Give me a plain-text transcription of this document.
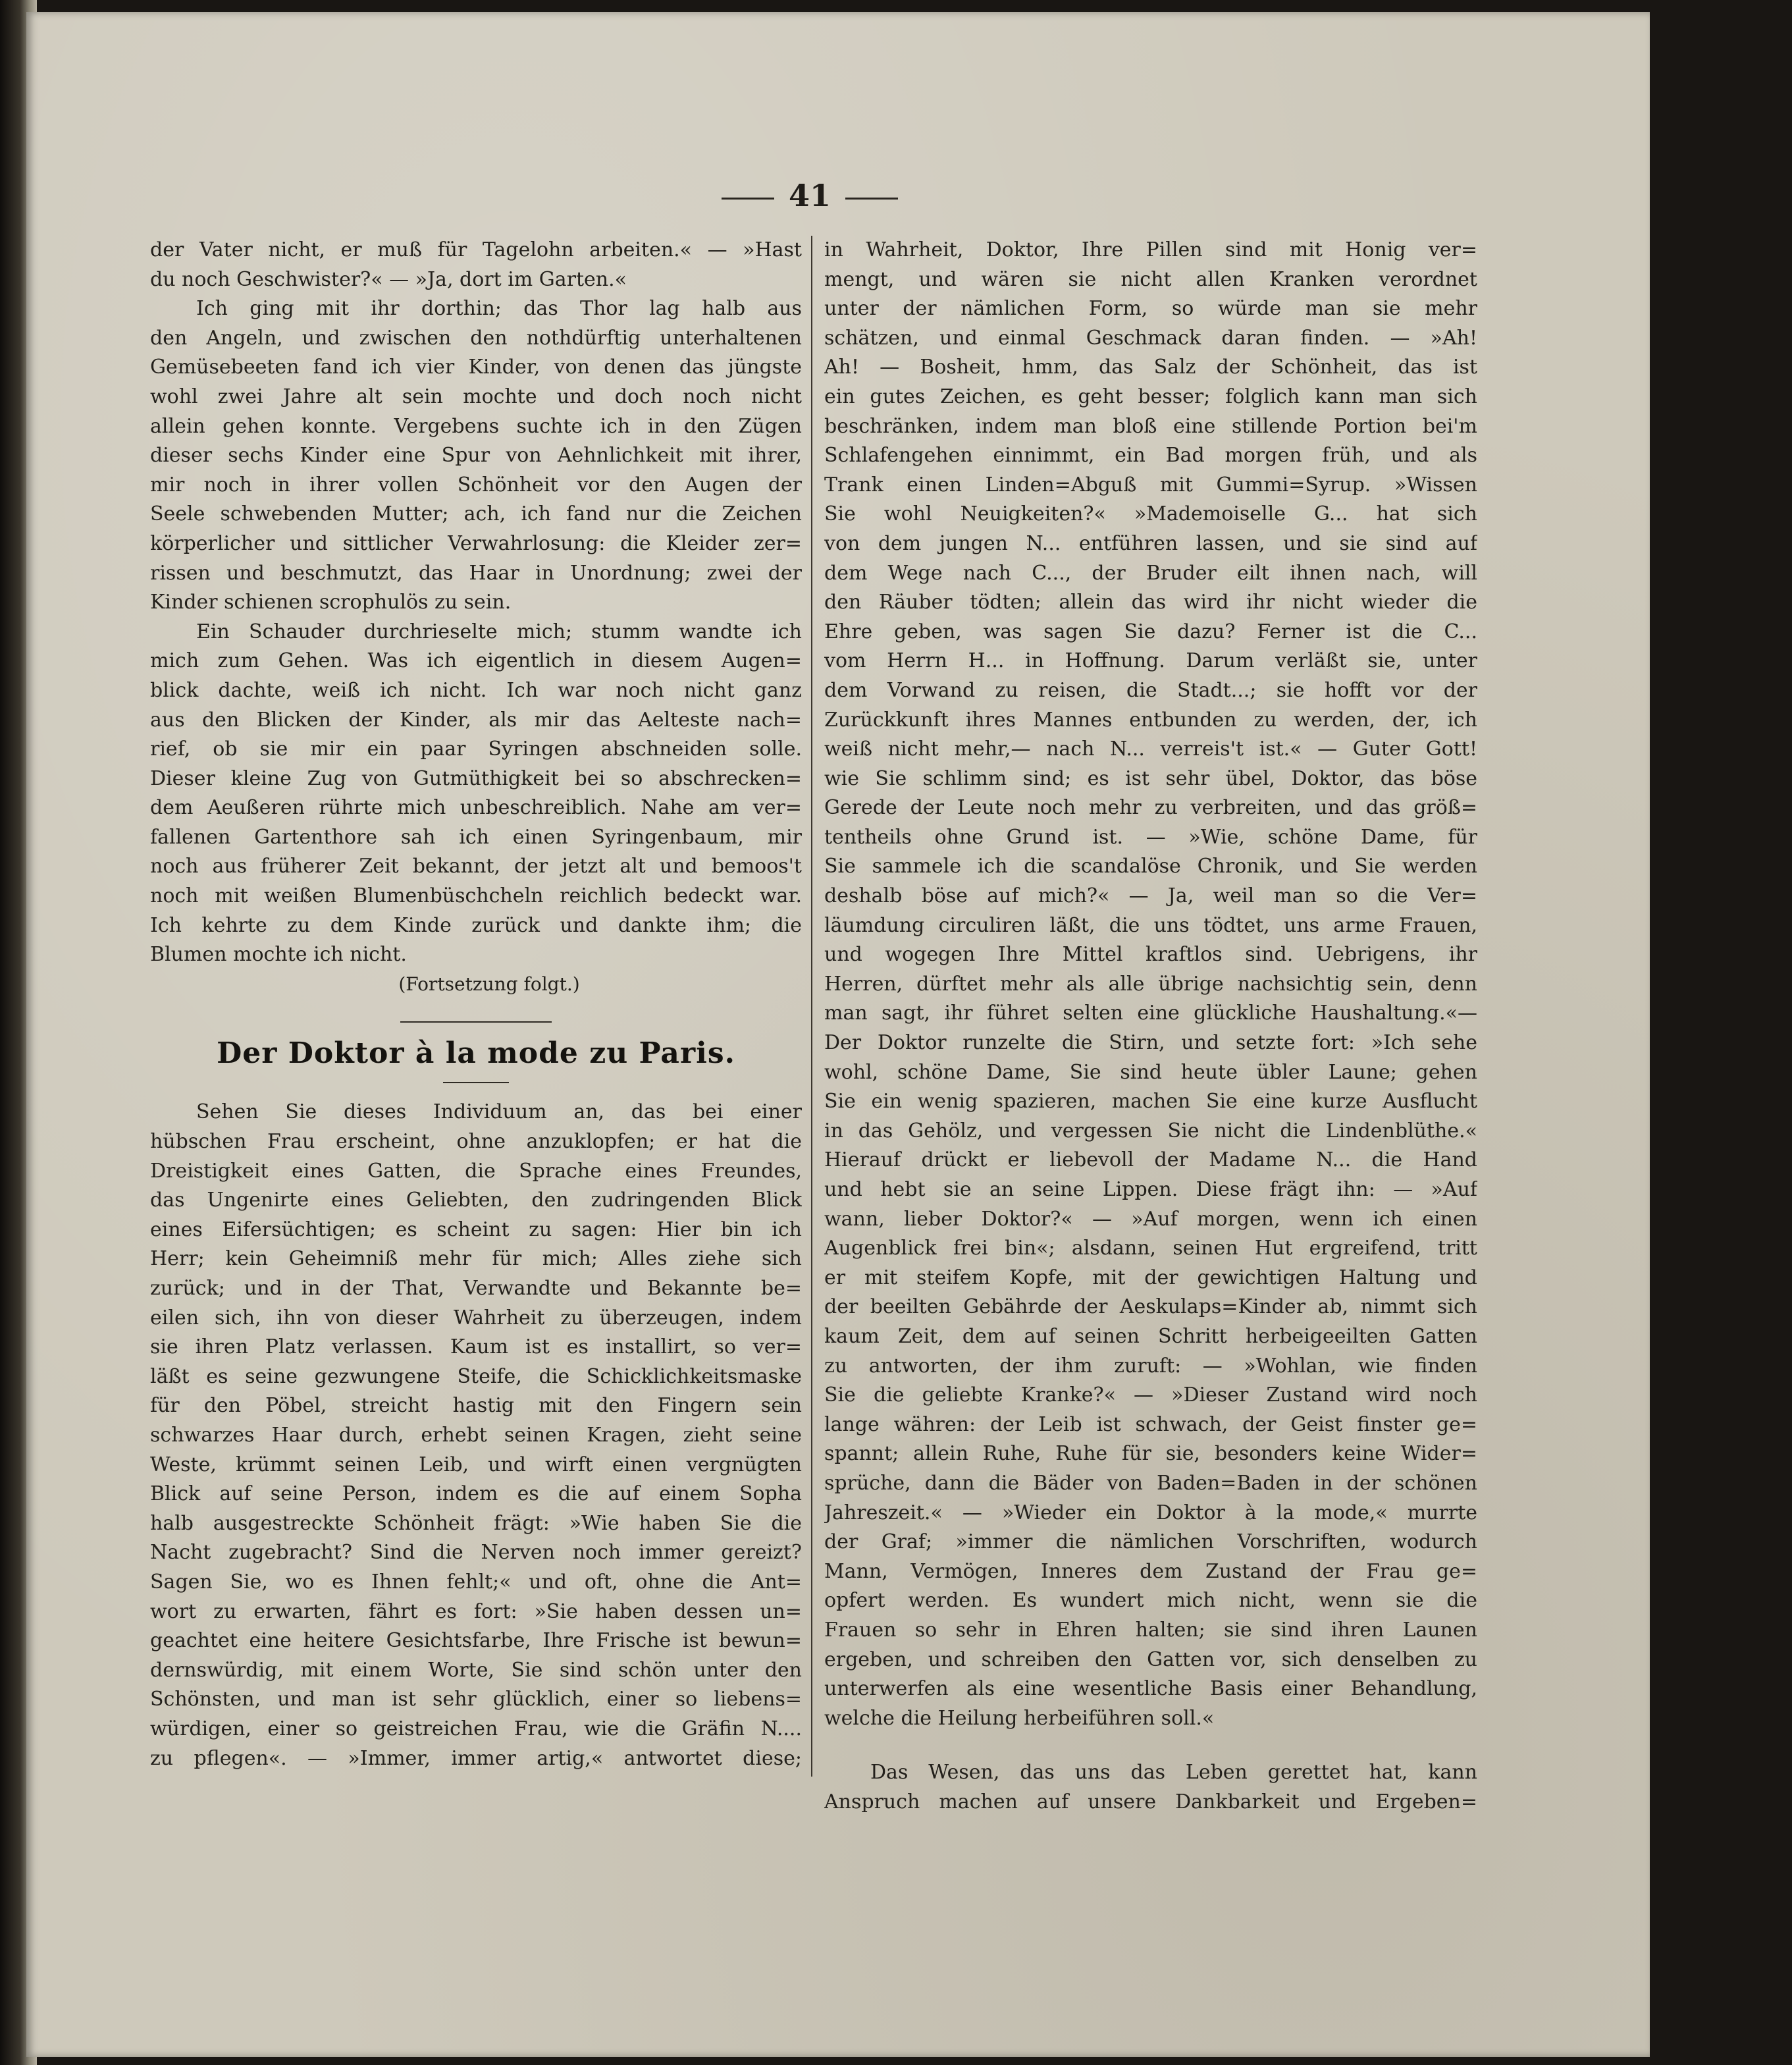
41
der Vater nicht, er muß für Tagelohn arbeiten.« — »Hast
du noch Geschwister?« — »Ja, dort im Garten.«
Ich ging mit ihr dorthin; das Thor lag halb aus
den Angeln, und zwischen den nothdürftig unterhaltenen
Gemüsebeeten fand ich vier Kinder, von denen das jüngste
wohl zwei Jahre alt sein mochte und doch noch nicht
allein gehen konnte. Vergebens suchte ich in den Zügen
dieser sechs Kinder eine Spur von Aehnlichkeit mit ihrer,
mir noch in ihrer vollen Schönheit vor den Augen der
Seele schwebenden Mutter; ach, ich fand nur die Zeichen
körperlicher und sittlicher Verwahrlosung: die Kleider zer=
rissen und beschmutzt, das Haar in Unordnung; zwei der
Kinder schienen scrophulös zu sein.
Ein Schauder durchrieselte mich; stumm wandte ich
mich zum Gehen. Was ich eigentlich in diesem Augen=
blick dachte, weiß ich nicht. Ich war noch nicht ganz
aus den Blicken der Kinder, als mir das Aelteste nach=
rief, ob sie mir ein paar Syringen abschneiden solle.
Dieser kleine Zug von Gutmüthigkeit bei so abschrecken=
dem Aeußeren rührte mich unbeschreiblich. Nahe am ver=
fallenen Gartenthore sah ich einen Syringenbaum, mir
noch aus früherer Zeit bekannt, der jetzt alt und bemoos't
noch mit weißen Blumenbüschcheln reichlich bedeckt war.
Ich kehrte zu dem Kinde zurück und dankte ihm; die
Blumen mochte ich nicht.
(Fortsetzung folgt.)
Der Doktor à la mode zu Paris.
Sehen Sie dieses Individuum an, das bei einer
hübschen Frau erscheint, ohne anzuklopfen; er hat die
Dreistigkeit eines Gatten, die Sprache eines Freundes,
das Ungenirte eines Geliebten, den zudringenden Blick
eines Eifersüchtigen; es scheint zu sagen: Hier bin ich
Herr; kein Geheimniß mehr für mich; Alles ziehe sich
zurück; und in der That, Verwandte und Bekannte be=
eilen sich, ihn von dieser Wahrheit zu überzeugen, indem
sie ihren Platz verlassen. Kaum ist es installirt, so ver=
läßt es seine gezwungene Steife, die Schicklichkeitsmaske
für den Pöbel, streicht hastig mit den Fingern sein
schwarzes Haar durch, erhebt seinen Kragen, zieht seine
Weste, krümmt seinen Leib, und wirft einen vergnügten
Blick auf seine Person, indem es die auf einem Sopha
halb ausgestreckte Schönheit frägt: »Wie haben Sie die
Nacht zugebracht? Sind die Nerven noch immer gereizt?
Sagen Sie, wo es Ihnen fehlt;« und oft, ohne die Ant=
wort zu erwarten, fährt es fort: »Sie haben dessen un=
geachtet eine heitere Gesichtsfarbe, Ihre Frische ist bewun=
dernswürdig, mit einem Worte, Sie sind schön unter den
Schönsten, und man ist sehr glücklich, einer so liebens=
würdigen, einer so geistreichen Frau, wie die Gräfin N....
zu pflegen«. — »Immer, immer artig,« antwortet diese;
in Wahrheit, Doktor, Ihre Pillen sind mit Honig ver=
mengt, und wären sie nicht allen Kranken verordnet
unter der nämlichen Form, so würde man sie mehr
schätzen, und einmal Geschmack daran finden. — »Ah!
Ah! — Bosheit, hmm, das Salz der Schönheit, das ist
ein gutes Zeichen, es geht besser; folglich kann man sich
beschränken, indem man bloß eine stillende Portion bei'm
Schlafengehen einnimmt, ein Bad morgen früh, und als
Trank einen Linden=Abguß mit Gummi=Syrup. »Wissen
Sie wohl Neuigkeiten?« »Mademoiselle G... hat sich
von dem jungen N... entführen lassen, und sie sind auf
dem Wege nach C..., der Bruder eilt ihnen nach, will
den Räuber tödten; allein das wird ihr nicht wieder die
Ehre geben, was sagen Sie dazu? Ferner ist die C...
vom Herrn H... in Hoffnung. Darum verläßt sie, unter
dem Vorwand zu reisen, die Stadt...; sie hofft vor der
Zurückkunft ihres Mannes entbunden zu werden, der, ich
weiß nicht mehr,— nach N... verreis't ist.« — Guter Gott!
wie Sie schlimm sind; es ist sehr übel, Doktor, das böse
Gerede der Leute noch mehr zu verbreiten, und das größ=
tentheils ohne Grund ist. — »Wie, schöne Dame, für
Sie sammele ich die scandalöse Chronik, und Sie werden
deshalb böse auf mich?« — Ja, weil man so die Ver=
läumdung circuliren läßt, die uns tödtet, uns arme Frauen,
und wogegen Ihre Mittel kraftlos sind. Uebrigens, ihr
Herren, dürftet mehr als alle übrige nachsichtig sein, denn
man sagt, ihr führet selten eine glückliche Haushaltung.«—
Der Doktor runzelte die Stirn, und setzte fort: »Ich sehe
wohl, schöne Dame, Sie sind heute übler Laune; gehen
Sie ein wenig spazieren, machen Sie eine kurze Ausflucht
in das Gehölz, und vergessen Sie nicht die Lindenblüthe.«
Hierauf drückt er liebevoll der Madame N... die Hand
und hebt sie an seine Lippen. Diese frägt ihn: — »Auf
wann, lieber Doktor?« — »Auf morgen, wenn ich einen
Augenblick frei bin«; alsdann, seinen Hut ergreifend, tritt
er mit steifem Kopfe, mit der gewichtigen Haltung und
der beeilten Gebährde der Aeskulaps=Kinder ab, nimmt sich
kaum Zeit, dem auf seinen Schritt herbeigeeilten Gatten
zu antworten, der ihm zuruft: — »Wohlan, wie finden
Sie die geliebte Kranke?« — »Dieser Zustand wird noch
lange währen: der Leib ist schwach, der Geist finster ge=
spannt; allein Ruhe, Ruhe für sie, besonders keine Wider=
sprüche, dann die Bäder von Baden=Baden in der schönen
Jahreszeit.« — »Wieder ein Doktor à la mode,« murrte
der Graf; »immer die nämlichen Vorschriften, wodurch
Mann, Vermögen, Inneres dem Zustand der Frau ge=
opfert werden. Es wundert mich nicht, wenn sie die
Frauen so sehr in Ehren halten; sie sind ihren Launen
ergeben, und schreiben den Gatten vor, sich denselben zu
unterwerfen als eine wesentliche Basis einer Behandlung,
welche die Heilung herbeiführen soll.«
Das Wesen, das uns das Leben gerettet hat, kann
Anspruch machen auf unsere Dankbarkeit und Ergeben=
